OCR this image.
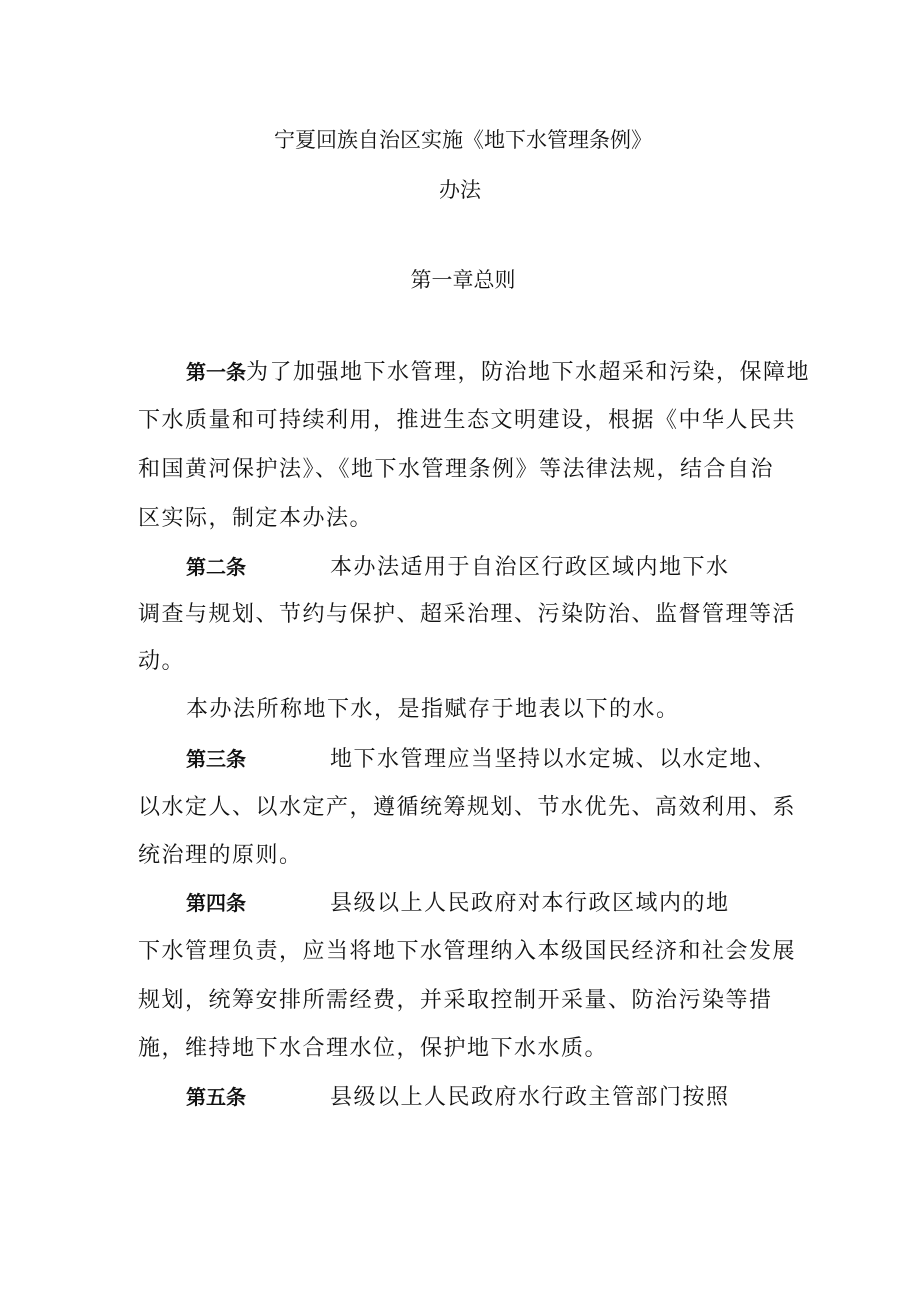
宁夏回族自治区实施《地下水管理条例》
办法
第一章总则
第一条为了加强地下水管理，防治地下水超采和污染，保障地
下水质量和可持续利用，推进生态文明建设，根据《中华人民共
和国黄河保护法》、《地下水管理条例》等法律法规，结合自治
区实际，制定本办法。
第二条	本办法适用于自治区行政区域内地下水
调查与规划、节约与保护、超采治理、污染防治、监督管理等活
动。
本办法所称地下水，是指赋存于地表以下的水。
第三条	地下水管理应当坚持以水定城、以水定地、
以水定人、以水定产，遵循统筹规划、节水优先、高效利用、系
统治理的原则。
第四条	县级以上人民政府对本行政区域内的地
下水管理负责，应当将地下水管理纳入本级国民经济和社会发展
规划，统筹安排所需经费，并采取控制开采量、防治污染等措
施，维持地下水合理水位，保护地下水水质。
第五条	县级以上人民政府水行政主管部门按照
